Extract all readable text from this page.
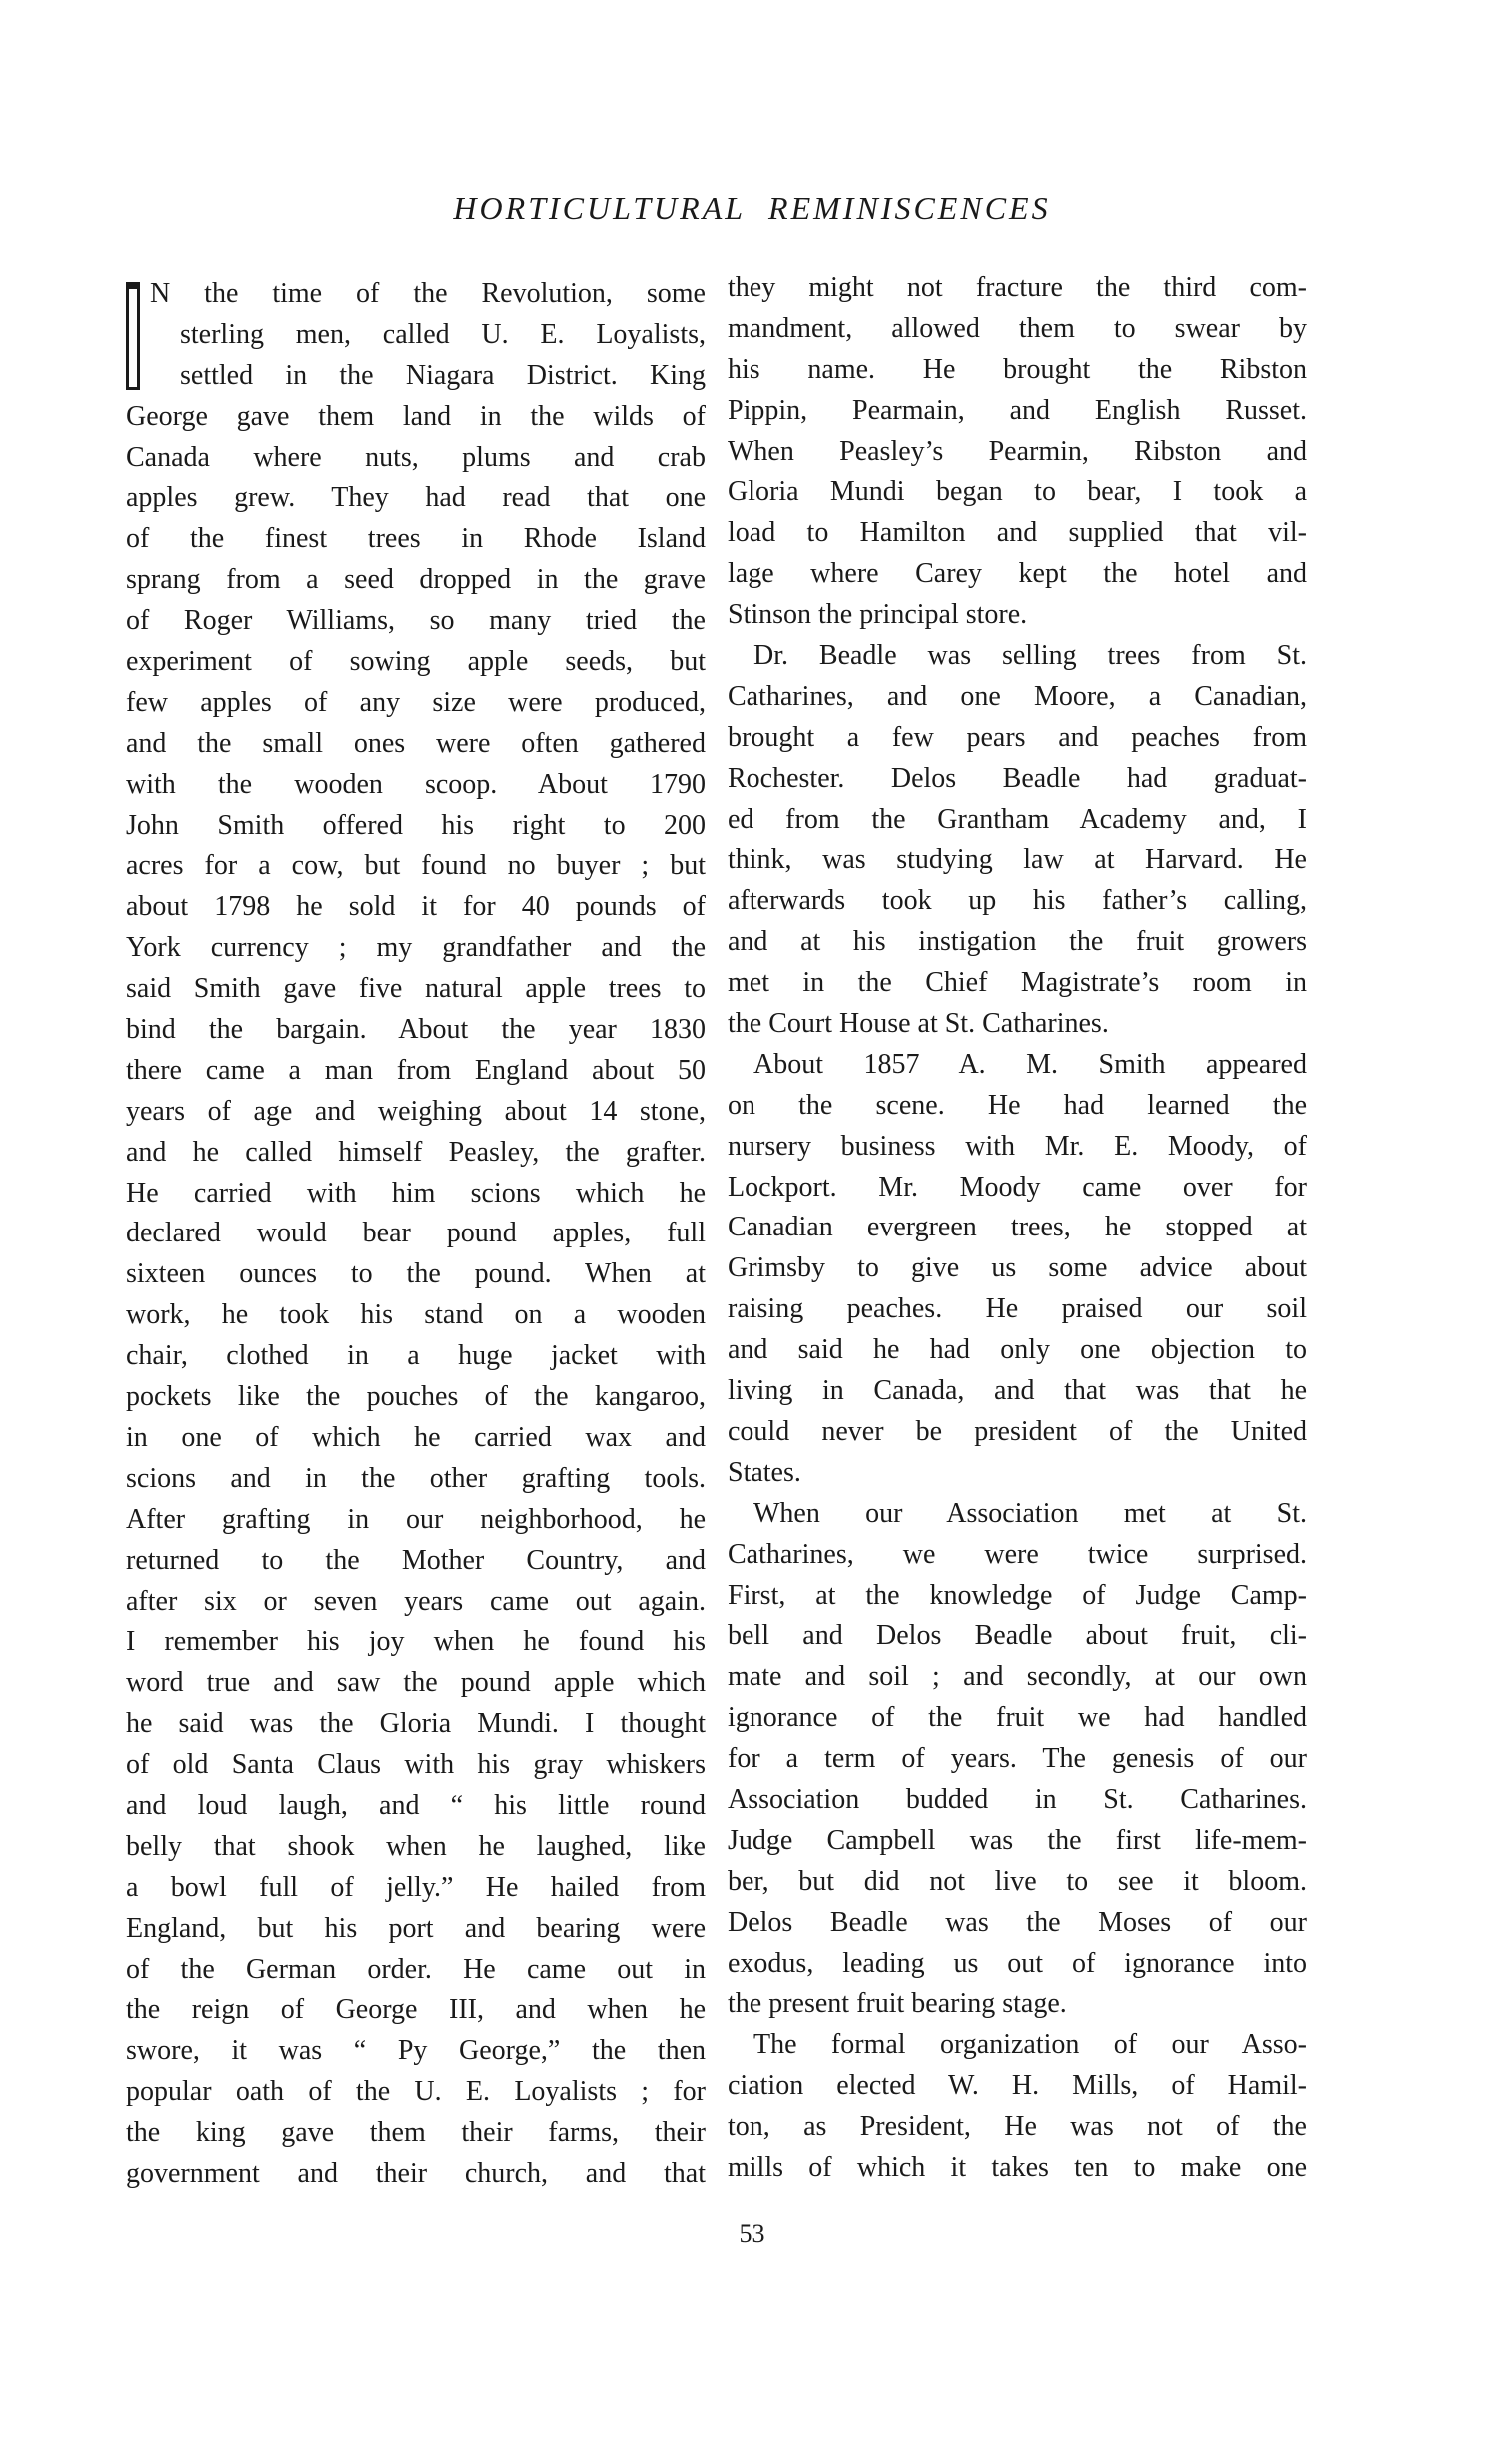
HORTICULTURAL REMINISCENCES
N the time of the Revolution, some
sterling men, called U. E. Loyalists,
settled in the Niagara District. King
George gave them land in the wilds of
Canada where nuts, plums and crab
apples grew. They had read that one
of the finest trees in Rhode Island
sprang from a seed dropped in the grave
of Roger Williams, so many tried the
experiment of sowing apple seeds, but
few apples of any size were produced,
and the small ones were often gathered
with the wooden scoop. About 1790
John Smith offered his right to 200
acres for a cow, but found no buyer ; but
about 1798 he sold it for 40 pounds of
York currency ; my grandfather and the
said Smith gave five natural apple trees to
bind the bargain. About the year 1830
there came a man from England about 50
years of age and weighing about 14 stone,
and he called himself Peasley, the grafter.
He carried with him scions which he
declared would bear pound apples, full
sixteen ounces to the pound. When at
work, he took his stand on a wooden
chair, clothed in a huge jacket with
pockets like the pouches of the kangaroo,
in one of which he carried wax and
scions and in the other grafting tools.
After grafting in our neighborhood, he
returned to the Mother Country, and
after six or seven years came out again.
I remember his joy when he found his
word true and saw the pound apple which
he said was the Gloria Mundi. I thought
of old Santa Claus with his gray whiskers
and loud laugh, and “ his little round
belly that shook when he laughed, like
a bowl full of jelly.” He hailed from
England, but his port and bearing were
of the German order. He came out in
the reign of George III, and when he
swore, it was “ Py George,” the then
popular oath of the U. E. Loyalists ; for
the king gave them their farms, their
government and their church, and that
they might not fracture the third com-
mandment, allowed them to swear by
his name. He brought the Ribston
Pippin, Pearmain, and English Russet.
When Peasley’s Pearmin, Ribston and
Gloria Mundi began to bear, I took a
load to Hamilton and supplied that vil-
lage where Carey kept the hotel and
Stinson the principal store.
Dr. Beadle was selling trees from St.
Catharines, and one Moore, a Canadian,
brought a few pears and peaches from
Rochester. Delos Beadle had graduat-
ed from the Grantham Academy and, I
think, was studying law at Harvard. He
afterwards took up his father’s calling,
and at his instigation the fruit growers
met in the Chief Magistrate’s room in
the Court House at St. Catharines.
About 1857 A. M. Smith appeared
on the scene. He had learned the
nursery business with Mr. E. Moody, of
Lockport. Mr. Moody came over for
Canadian evergreen trees, he stopped at
Grimsby to give us some advice about
raising peaches. He praised our soil
and said he had only one objection to
living in Canada, and that was that he
could never be president of the United
States.
When our Association met at St.
Catharines, we were twice surprised.
First, at the knowledge of Judge Camp-
bell and Delos Beadle about fruit, cli-
mate and soil ; and secondly, at our own
ignorance of the fruit we had handled
for a term of years. The genesis of our
Association budded in St. Catharines.
Judge Campbell was the first life-mem-
ber, but did not live to see it bloom.
Delos Beadle was the Moses of our
exodus, leading us out of ignorance into
the present fruit bearing stage.
The formal organization of our Asso-
ciation elected W. H. Mills, of Hamil-
ton, as President, He was not of the
mills of which it takes ten to make one
53
